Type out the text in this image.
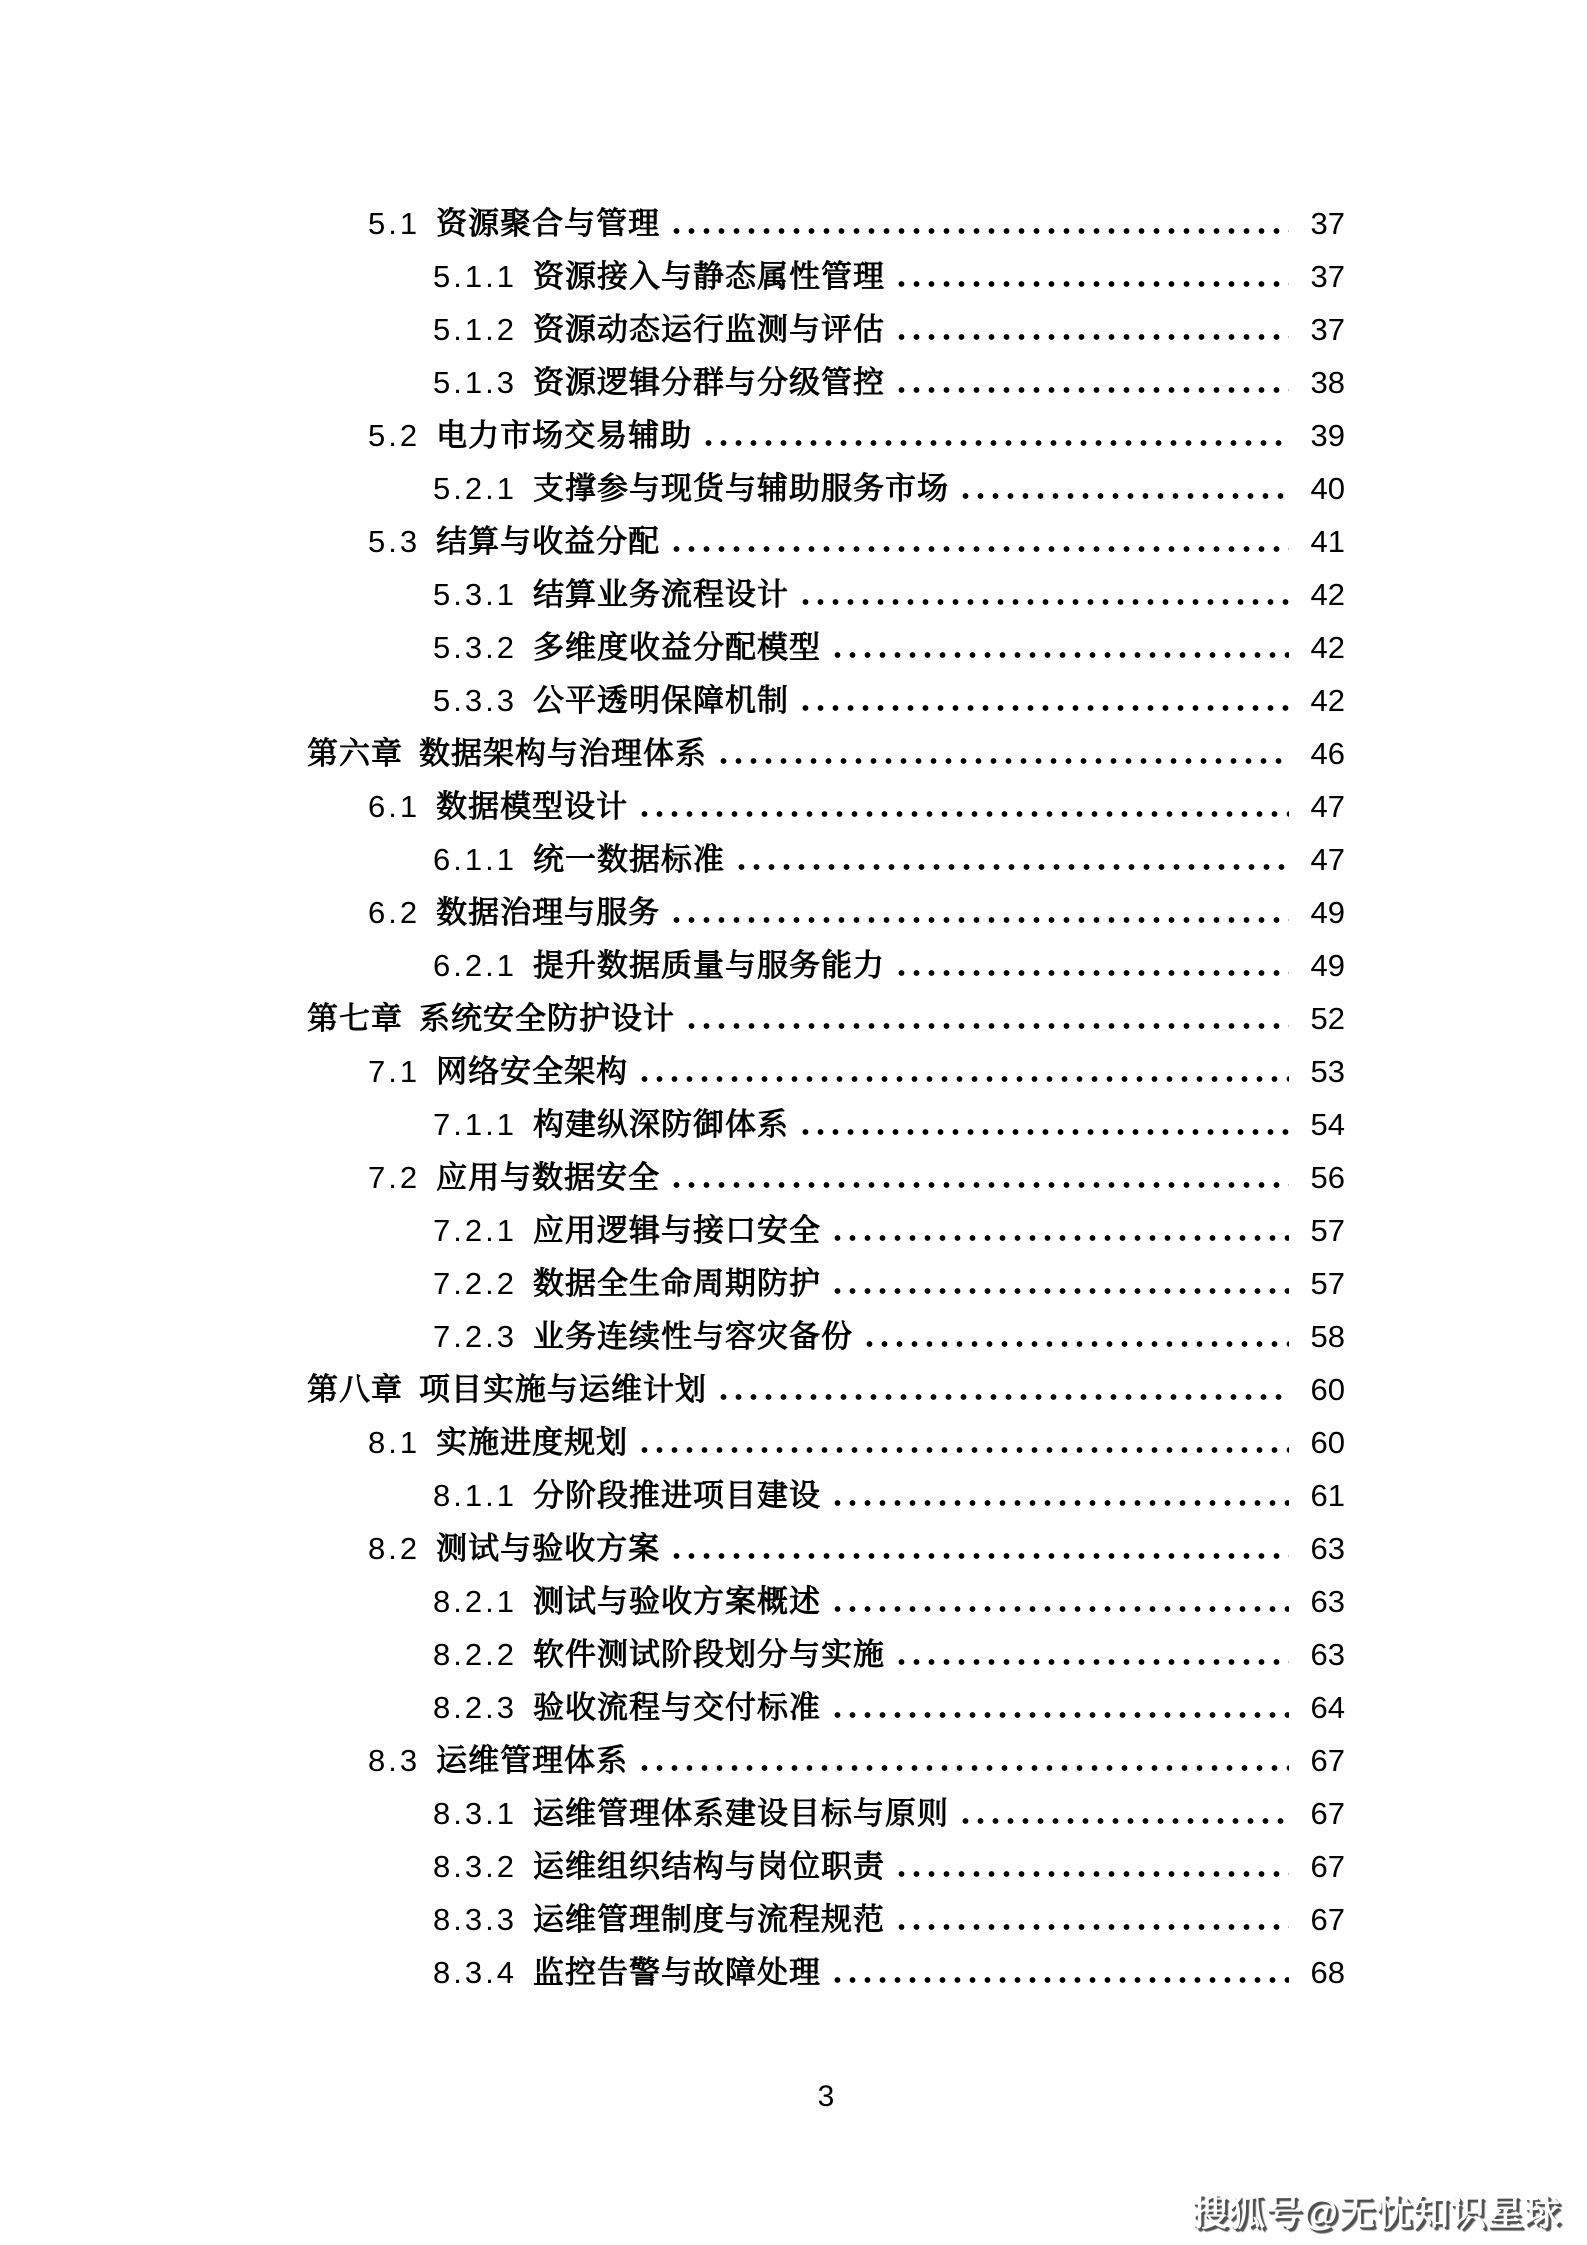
5.1 资源聚合与管理	37
5.1.1 资源接入与静态属性管理	37
5.1.2 资源动态运行监测与评估	37
5.1.3 资源逻辑分群与分级管控	38
5.2 电力市场交易辅助	39
5.2.1 支撑参与现货与辅助服务市场	40
5.3 结算与收益分配	41
5.3.1 结算业务流程设计	42
5.3.2 多维度收益分配模型	42
5.3.3 公平透明保障机制	42
第六章 数据架构与治理体系	46
6.1 数据模型设计	47
6.1.1 统一数据标准	47
6.2 数据治理与服务	49
6.2.1 提升数据质量与服务能力	49
第七章 系统安全防护设计	52
7.1 网络安全架构	53
7.1.1 构建纵深防御体系	54
7.2 应用与数据安全	56
7.2.1 应用逻辑与接口安全	57
7.2.2 数据全生命周期防护	57
7.2.3 业务连续性与容灾备份	58
第八章 项目实施与运维计划	60
8.1 实施进度规划	60
8.1.1 分阶段推进项目建设	61
8.2 测试与验收方案	63
8.2.1 测试与验收方案概述	63
8.2.2 软件测试阶段划分与实施	63
8.2.3 验收流程与交付标准	64
8.3 运维管理体系	67
8.3.1 运维管理体系建设目标与原则	67
8.3.2 运维组织结构与岗位职责	67
8.3.3 运维管理制度与流程规范	67
8.3.4 监控告警与故障处理	68
3
搜狐号@无忧知识星球
